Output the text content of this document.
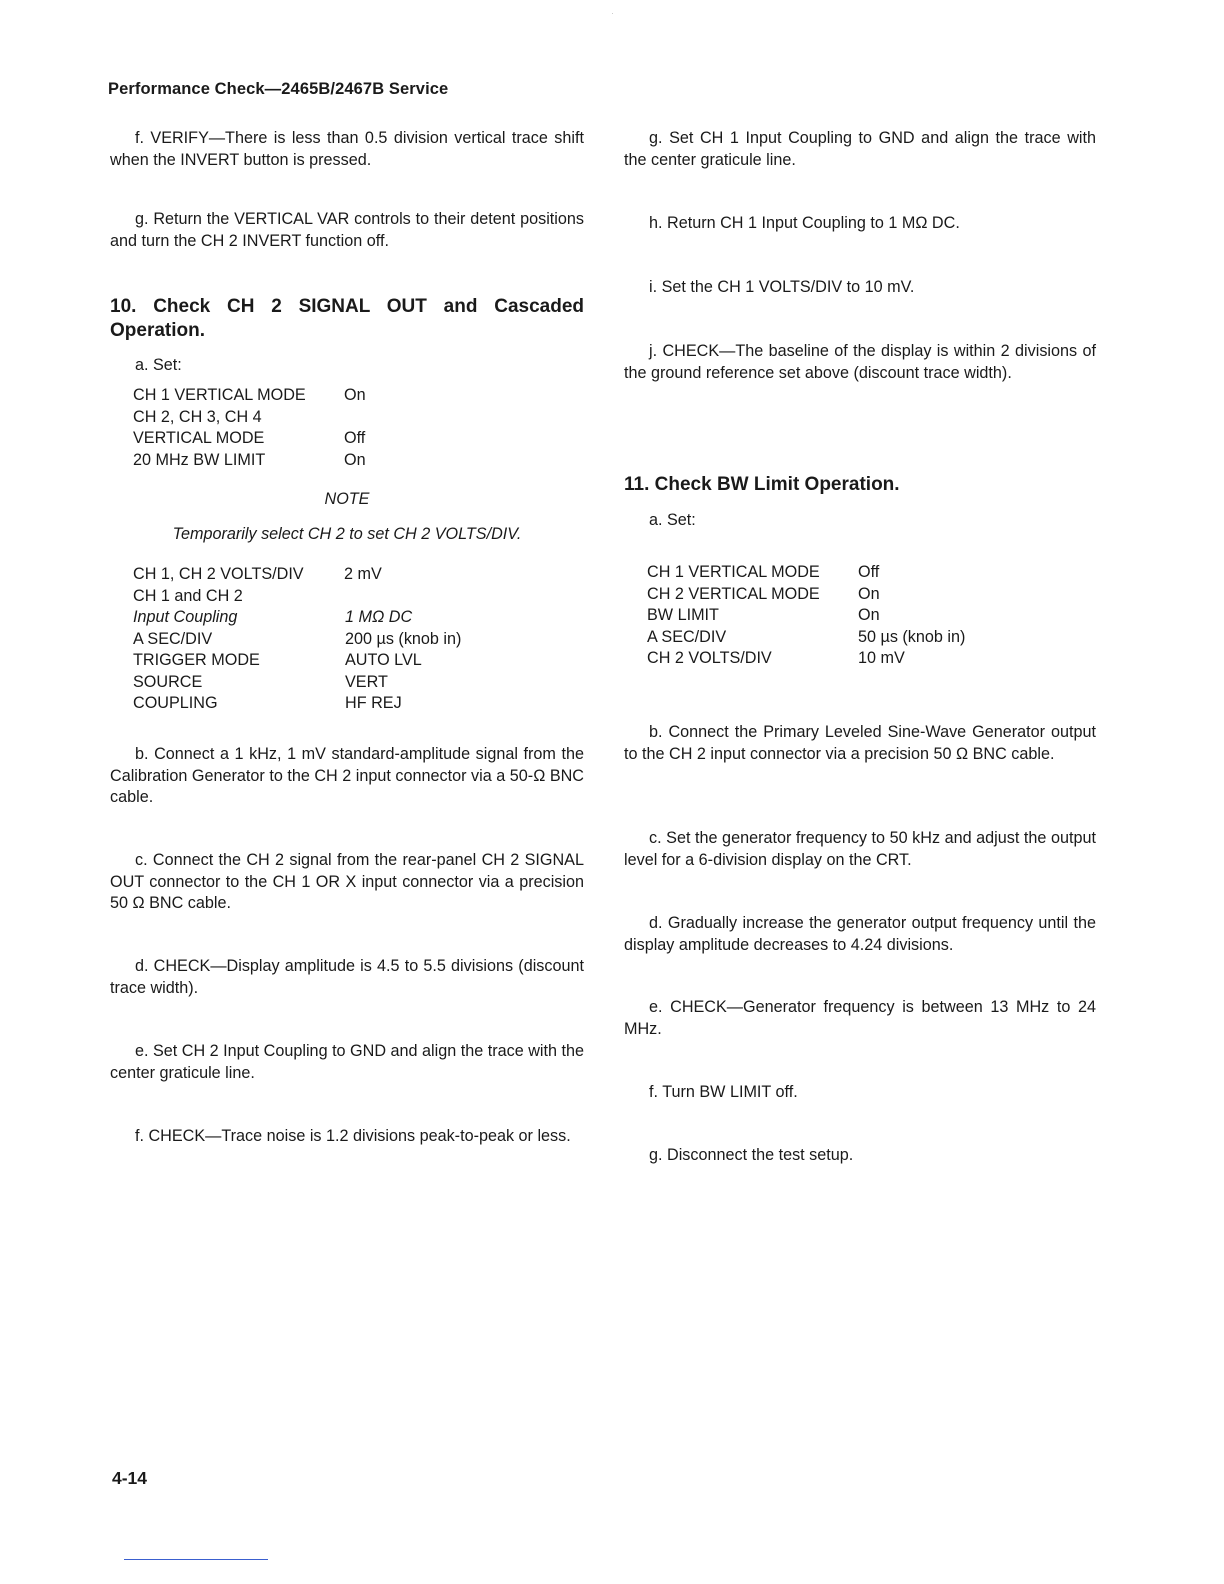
Performance Check—2465B/2467B Service

f. VERIFY—There is less than 0.5 division vertical trace shift when the INVERT button is pressed.

g. Return the VERTICAL VAR controls to their detent positions and turn the CH 2 INVERT function off.

10. Check CH 2 SIGNAL OUT and Cascaded Operation.
a. Set:
CH 1 VERTICAL MODE On
CH 2, CH 3, CH 4
VERTICAL MODE	Off
20 MHz BW LIMIT	On
NOTE
Temporarily select CH 2 to set CH 2 VOLTS/DIV.
CH 1, CH 2 VOLTS/DIV 2 mV
CH 1 and CH 2
Input Coupling	1 MΩ DC
A SEC/DIV	200 µs (knob in)
TRIGGER MODE	AUTO LVL
SOURCE	VERT
COUPLING	HF REJ

b. Connect a 1 kHz, 1 mV standard-amplitude signal from the Calibration Generator to the CH 2 input connector via a 50-Ω BNC cable.

c. Connect the CH 2 signal from the rear-panel CH 2 SIGNAL OUT connector to the CH 1 OR X input connector via a precision 50 Ω BNC cable.

d. CHECK—Display amplitude is 4.5 to 5.5 divisions (discount trace width).

e. Set CH 2 Input Coupling to GND and align the trace with the center graticule line.

f. CHECK—Trace noise is 1.2 divisions peak-to-peak or less.

g. Set CH 1 Input Coupling to GND and align the trace with the center graticule line.

h. Return CH 1 Input Coupling to 1 MΩ DC.

i. Set the CH 1 VOLTS/DIV to 10 mV.

j. CHECK—The baseline of the display is within 2 divisions of the ground reference set above (discount trace width).

11. Check BW Limit Operation.
a. Set:
CH 1 VERTICAL MODE Off
CH 2 VERTICAL MODE On
BW LIMIT	On
A SEC/DIV	50 µs (knob in)
CH 2 VOLTS/DIV	10 mV

b. Connect the Primary Leveled Sine-Wave Generator output to the CH 2 input connector via a precision 50 Ω BNC cable.

c. Set the generator frequency to 50 kHz and adjust the output level for a 6-division display on the CRT.

d. Gradually increase the generator output frequency until the display amplitude decreases to 4.24 divisions.

e. CHECK—Generator frequency is between 13 MHz to 24 MHz.

f. Turn BW LIMIT off.

g. Disconnect the test setup.

4-14
